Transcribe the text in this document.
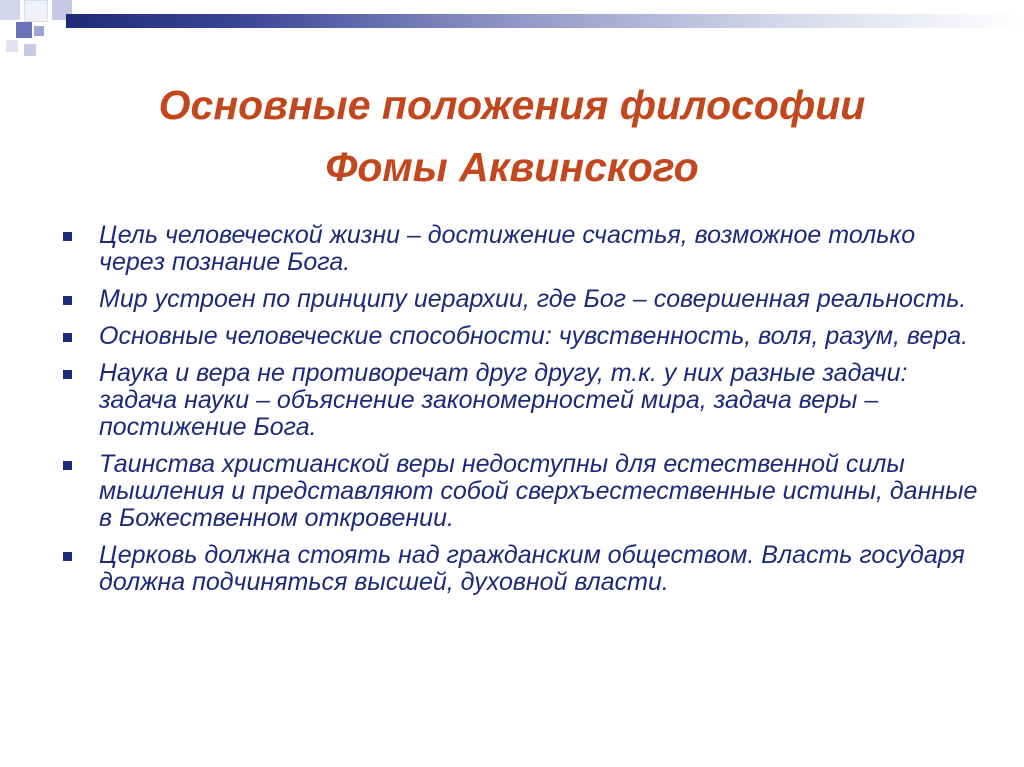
Основные положения философии
Фомы Аквинского
Цель человеческой жизни – достижение счастья, возможное только через познание Бога.
Мир устроен по принципу иерархии, где Бог – совершенная реальность.
Основные человеческие способности: чувственность, воля, разум, вера.
Наука и вера не противоречат друг другу, т.к. у них разные задачи: задача науки – объяснение закономерностей мира, задача веры – постижение Бога.
Таинства христианской веры недоступны для естественной силы мышления и представляют собой сверхъестественные истины, данные в Божественном откровении.
Церковь должна стоять над гражданским обществом. Власть государя должна подчиняться высшей, духовной власти.
